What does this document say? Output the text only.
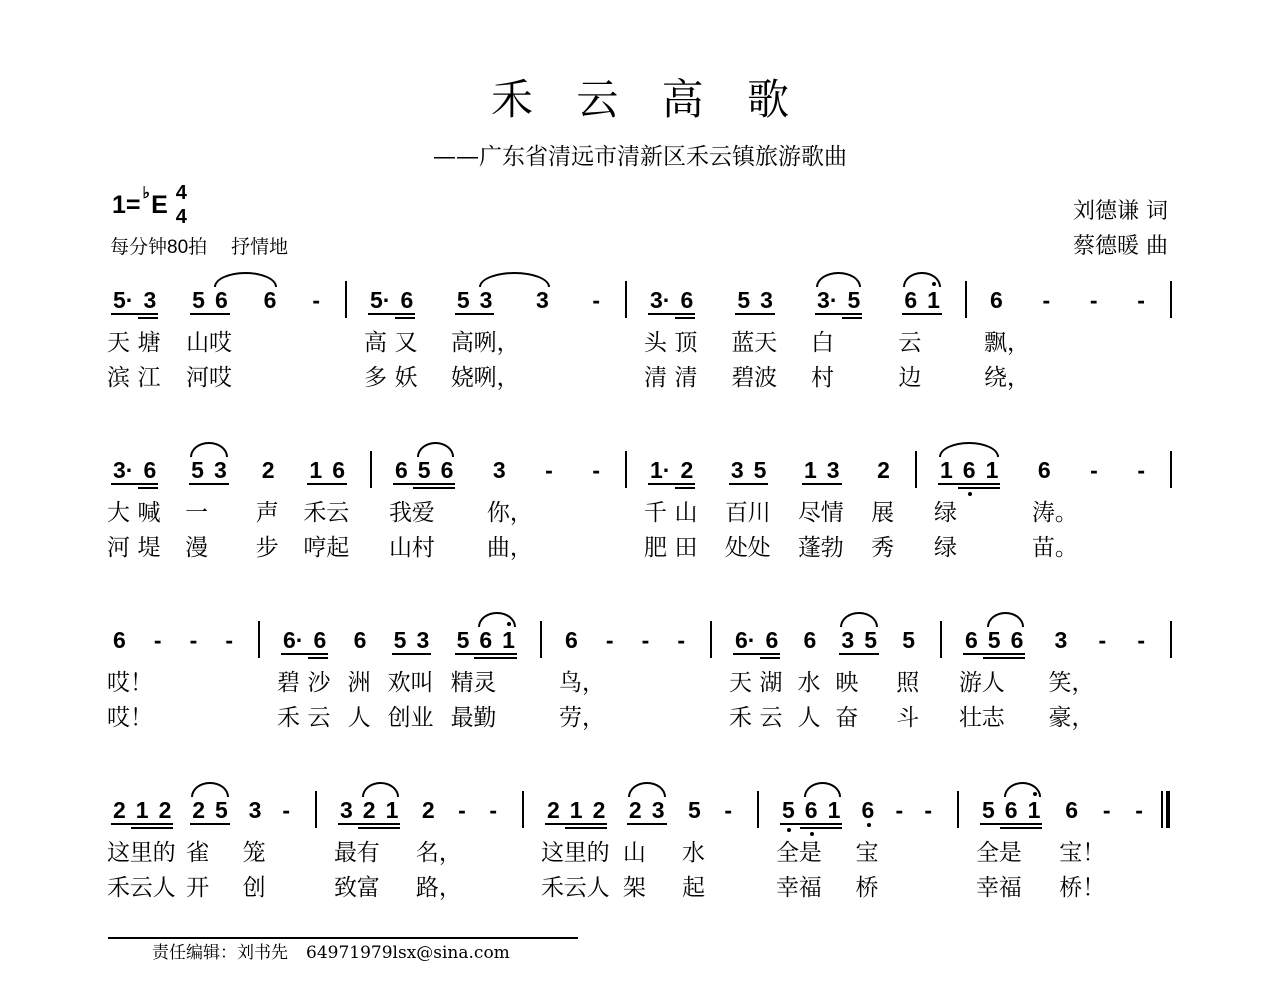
禾 云 高 歌
——广东省清远市清新区禾云镇旅游歌曲
1= ♭ E 4
4
每分钟80拍 抒情地
刘德谦 词
蔡德暖 曲
5·
天
滨
3
塘
江
5
山
河
6
哎
哎
6 - 5·
高
多
6
又
妖
5
高
娆
3
咧，
咧，
3 - 3·
头
清
6
顶
清
5
蓝
碧
3
天
波
3·
白
村
5 6
云
边
1 6
飘，
绕，
- - -
3·
大
河
6
喊
堤
5
一
漫
3 2
声
步
1
禾
哼
6
云
起
6
我
山
5
爱
村
6 3
你，
曲，
- - 1·
千
肥
2
山
田
3
百
处
5
川
处
1
尽
蓬
3
情
勃
2
展
秀
1
绿
绿
6 1 6
涛。
苗。
- -
6
哎！
哎！
- - - 6·
碧
禾
6
沙
云
6
洲
人
5
欢
创
3
叫
业
5
精
最
6
灵
勤
1 6
鸟，
劳，
- - - 6·
天
禾
6
湖
云
6
水
人
3
映
奋
5 5
照
斗
6
游
壮
5
人
志
6 3
笑，
豪，
- -
2
这
禾
1
里
云
2
的
人
2
雀
开
5 3
笼
创
- 3
最
致
2
有
富
1 2
名，
路，
- - 2
这
禾
1
里
云
2
的
人
2
山
架
3 5
水
起
- 5
全
幸
6
是
福
1 6
宝
桥
- - 5
全
幸
6
是
福
1 6
宝！
桥！
- -
责任编辑：刘书先 64971979lsx@sina.com
